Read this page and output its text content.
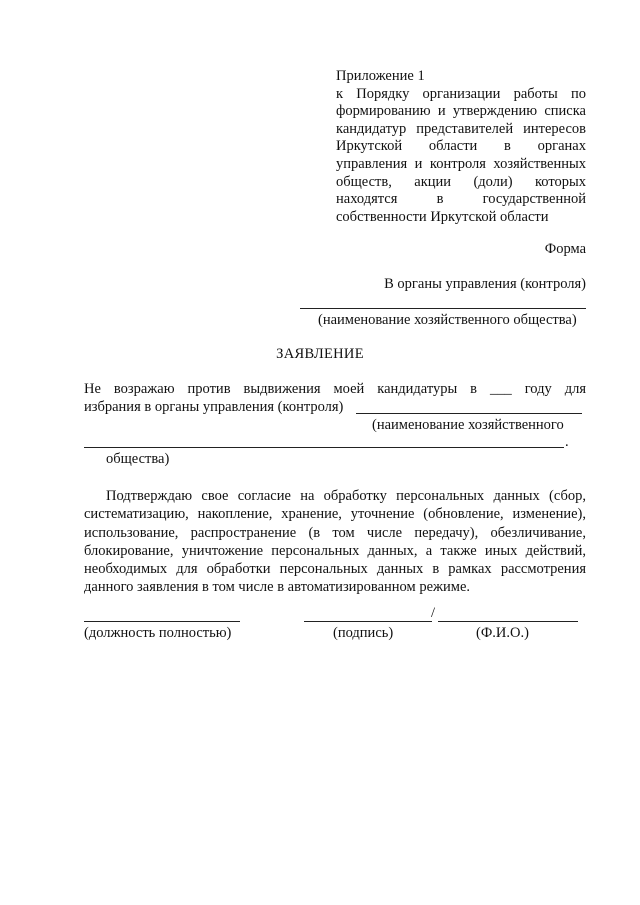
Приложение 1
к Порядку организации работы по
формированию и утверждению списка
кандидатур представителей интересов
Иркутской области в органах
управления и контроля хозяйственных
обществ, акции (доли) которых
находятся в государственной
собственности Иркутской области
Форма
В органы управления (контроля)
(наименование хозяйственного общества)
ЗАЯВЛЕНИЕ
Не возражаю против выдвижения моей кандидатуры в ___ году для
избрания в органы управления (контроля)
(наименование хозяйственного
.
общества)
Подтверждаю свое согласие на обработку персональных данных (сбор,
систематизацию, накопление, хранение, уточнение (обновление, изменение),
использование, распространение (в том числе передачу), обезличивание,
блокирование, уничтожение персональных данных, а также иных действий,
необходимых для обработки персональных данных в рамках рассмотрения
данного заявления в том числе в автоматизированном режиме.
/
(должность полностью)	(подпись)	(Ф.И.О.)
